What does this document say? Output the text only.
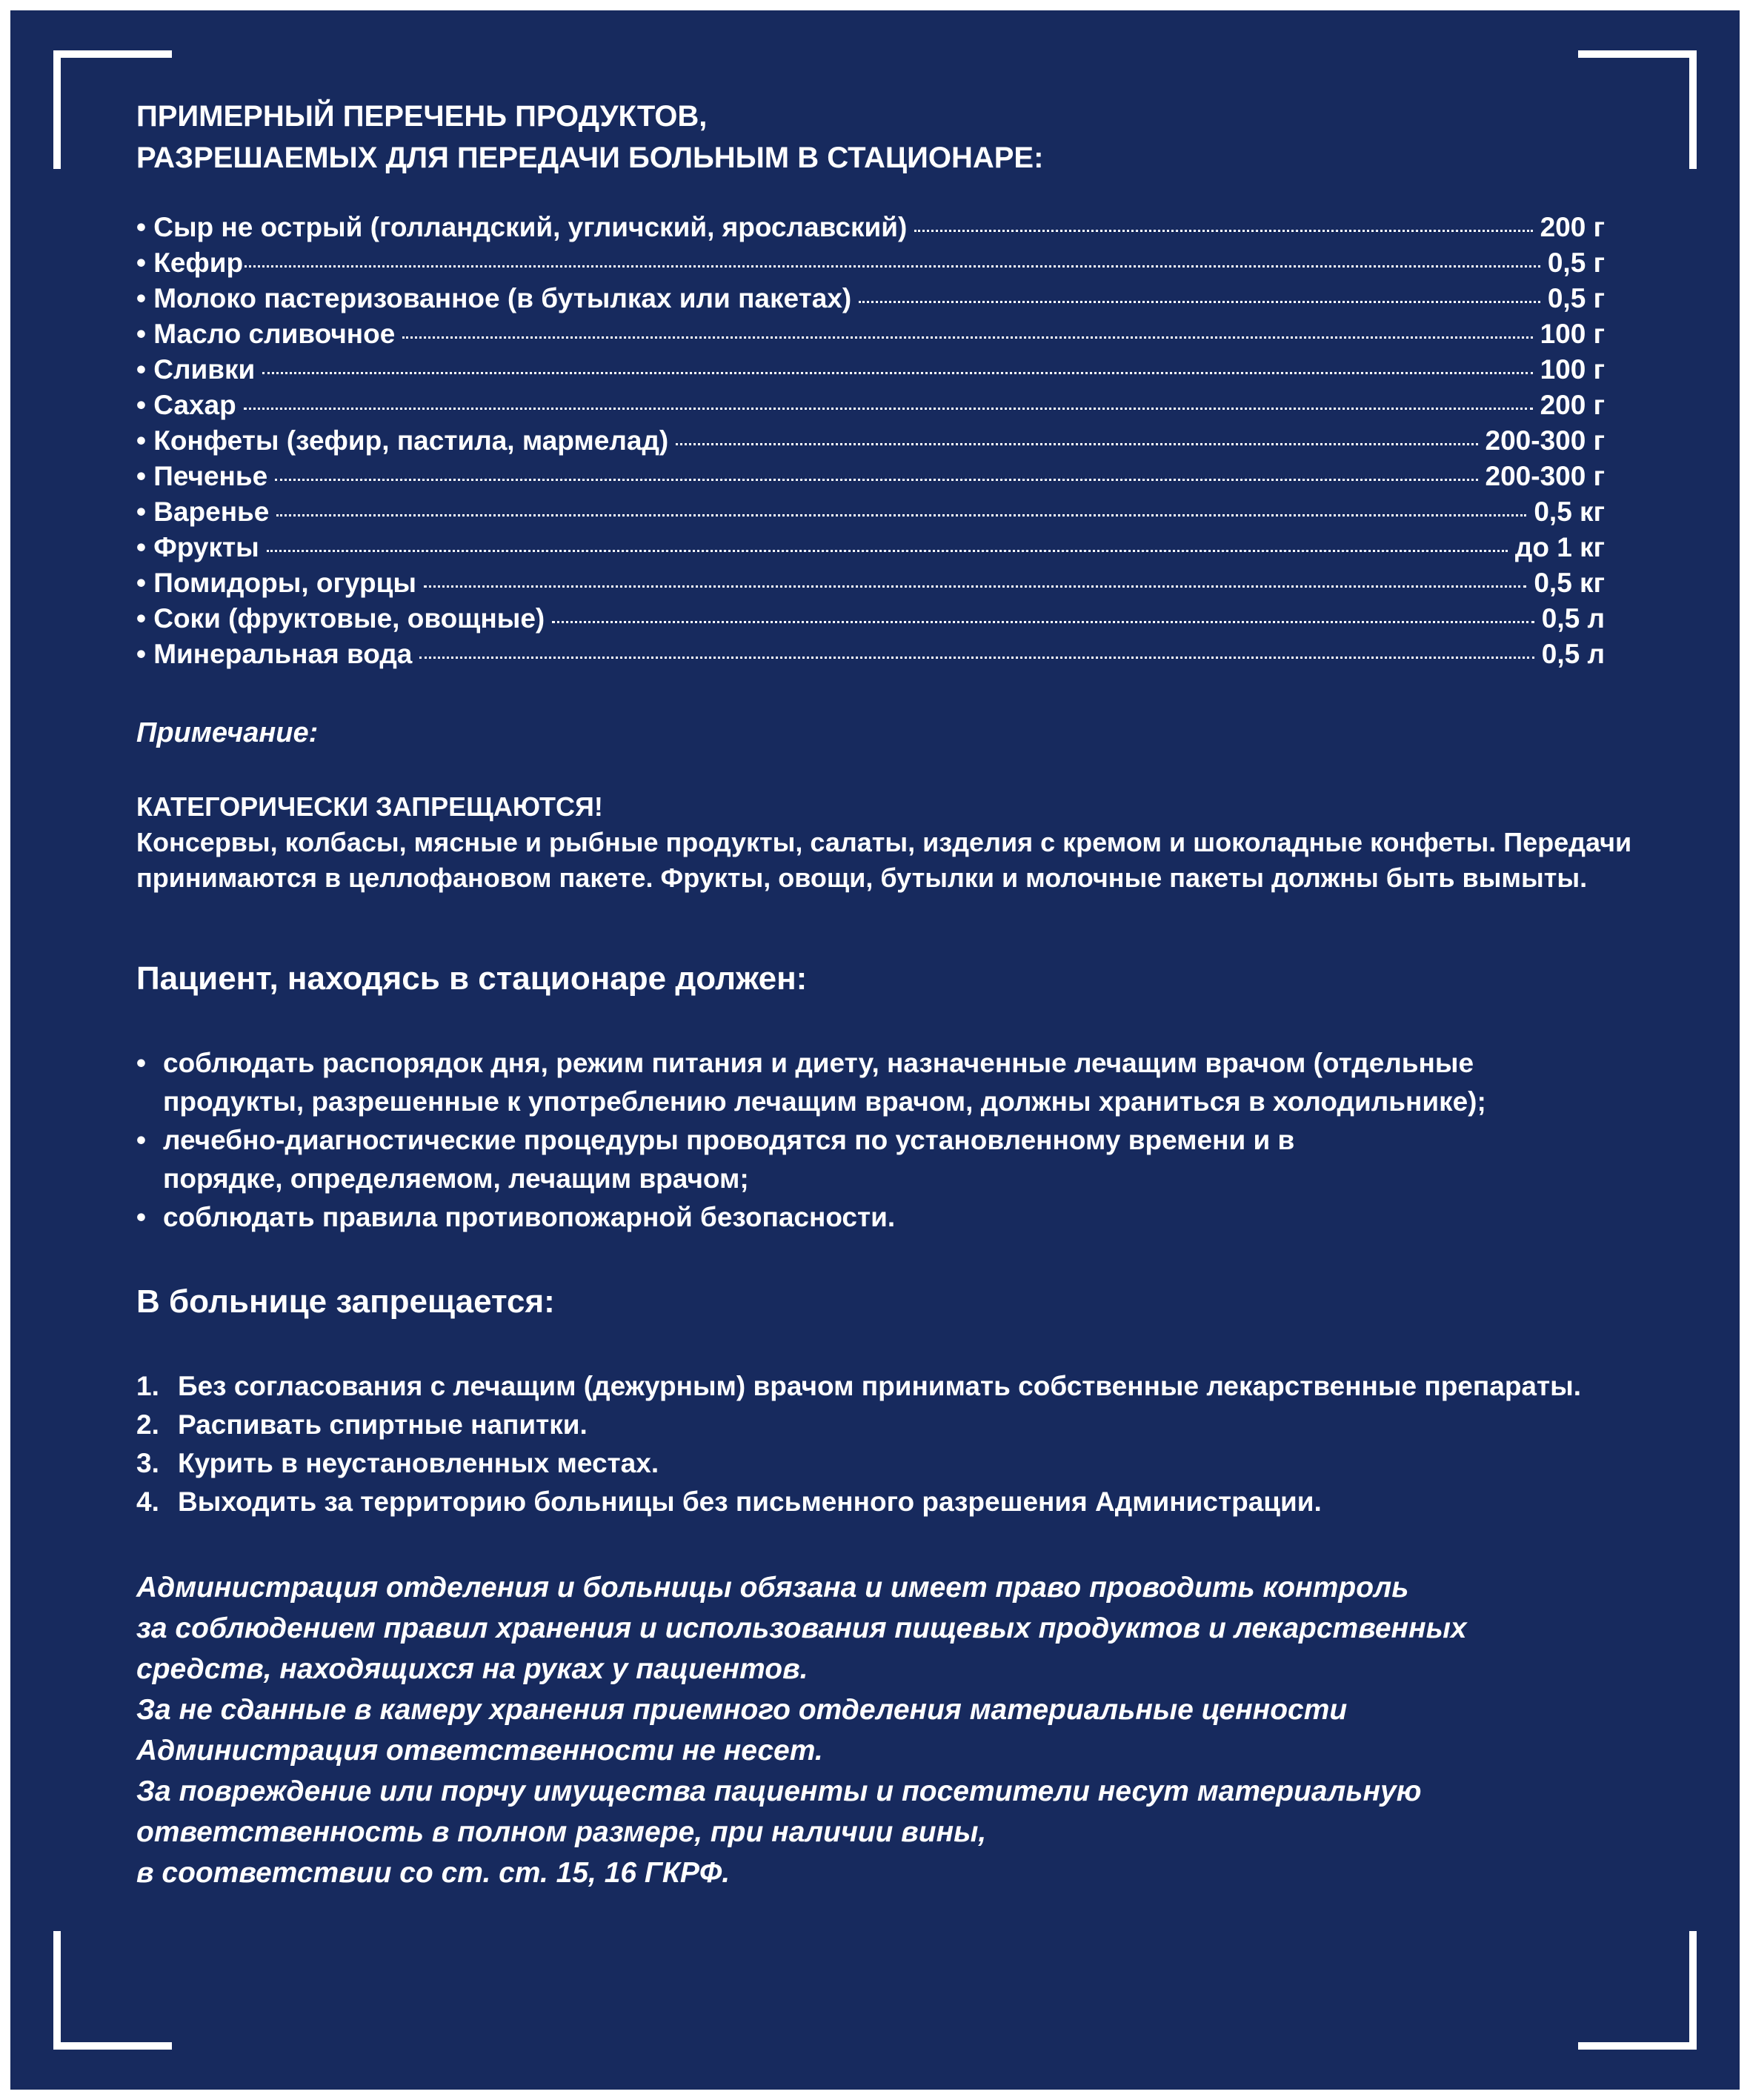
ПРИМЕРНЫЙ ПЕРЕЧЕНЬ ПРОДУКТОВ,
РАЗРЕШАЕМЫХ ДЛЯ ПЕРЕДАЧИ БОЛЬНЫМ В СТАЦИОНАРЕ:
• Сыр не острый (голландский, угличский, ярославский)	200 г
• Кефир	0,5 г
• Молоко пастеризованное (в бутылках или пакетах)	0,5 г
• Масло сливочное	100 г
• Сливки	100 г
• Сахар	200 г
• Конфеты (зефир, пастила, мармелад)	200-300 г
• Печенье	200-300 г
• Варенье	0,5 кг
• Фрукты	до 1 кг
• Помидоры, огурцы	0,5 кг
• Соки (фруктовые, овощные)	0,5 л
• Минеральная вода	0,5 л
Примечание:
КАТЕГОРИЧЕСКИ ЗАПРЕЩАЮТСЯ!
Консервы, колбасы, мясные и рыбные продукты, салаты, изделия с кремом и шоколадные конфеты. Передачи принимаются в целлофановом пакете. Фрукты, овощи, бутылки и молочные пакеты должны быть вымыты.
Пациент, находясь в стационаре должен:
• соблюдать распорядок дня, режим питания и диету, назначенные лечащим врачом (отдельные продукты, разрешенные к употреблению лечащим врачом, должны храниться в холодильнике);
• лечебно-диагностические процедуры проводятся по установленному времени и в порядке, определяемом, лечащим врачом;
• соблюдать правила противопожарной безопасности.
В больнице запрещается:
1. Без согласования с лечащим (дежурным) врачом принимать собственные лекарственные препараты.
2. Распивать спиртные напитки.
3. Курить в неустановленных местах.
4. Выходить за территорию больницы без письменного разрешения Администрации.
Администрация отделения и больницы обязана и имеет право проводить контроль
за соблюдением правил хранения и использования пищевых продуктов и лекарственных
средств, находящихся на руках у пациентов.
За не сданные в камеру хранения приемного отделения материальные ценности
Администрация ответственности не несет.
За повреждение или порчу имущества пациенты и посетители несут материальную
ответственность в полном размере, при наличии вины,
в соответствии со ст. ст. 15, 16 ГКРФ.
